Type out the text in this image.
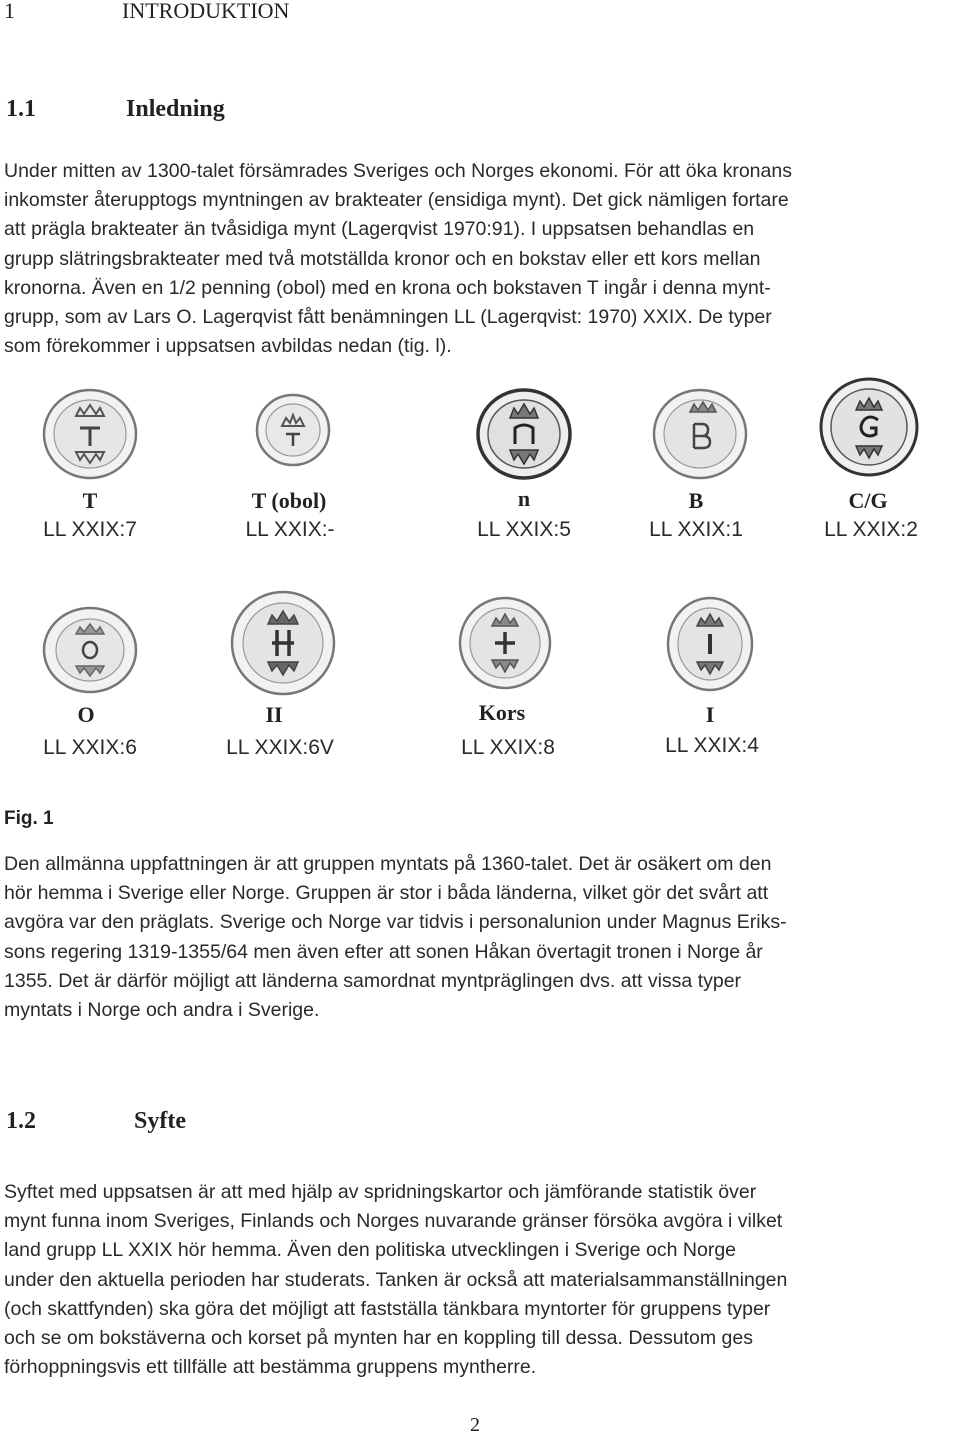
1	INTRODUKTION
1.1	Inledning
Under mitten av 1300-talet försämrades Sveriges och Norges ekonomi. För att öka kronans
inkomster återupptogs myntningen av brakteater (ensidiga mynt). Det gick nämligen fortare
att prägla brakteater än tvåsidiga mynt (Lagerqvist 1970:91). I uppsatsen behandlas en
grupp slätringsbrakteater med två motställda kronor och en bokstav eller ett kors mellan
kronorna. Även en 1/2 penning (obol) med en krona och bokstaven T ingår i denna mynt-
grupp, som av Lars O. Lagerqvist fått benämningen LL (Lagerqvist: 1970) XXIX. De typer
som förekommer i uppsatsen avbildas nedan (tig. l).
T
LL XXIX:7
T (obol)
LL XXIX:-
n
LL XXIX:5
B
LL XXIX:1
C/G
LL XXIX:2
O
LL XXIX:6
II
LL XXIX:6V
Kors
LL XXIX:8
I
LL XXIX:4
Fig. 1
Den allmänna uppfattningen är att gruppen myntats på 1360-talet. Det är osäkert om den
hör hemma i Sverige eller Norge. Gruppen är stor i båda länderna, vilket gör det svårt att
avgöra var den präglats. Sverige och Norge var tidvis i personalunion under Magnus Eriks-
sons regering 1319-1355/64 men även efter att sonen Håkan övertagit tronen i Norge år
1355. Det är därför möjligt att länderna samordnat myntpräglingen dvs. att vissa typer
myntats i Norge och andra i Sverige.
1.2	Syfte
Syftet med uppsatsen är att med hjälp av spridningskartor och jämförande statistik över
mynt funna inom Sveriges, Finlands och Norges nuvarande gränser försöka avgöra i vilket
land grupp LL XXIX hör hemma. Även den politiska utvecklingen i Sverige och Norge
under den aktuella perioden har studerats. Tanken är också att materialsammanställningen
(och skattfynden) ska göra det möjligt att fastställa tänkbara myntorter för gruppens typer
och se om bokstäverna och korset på mynten har en koppling till dessa. Dessutom ges
förhoppningsvis ett tillfälle att bestämma gruppens myntherre.
2
